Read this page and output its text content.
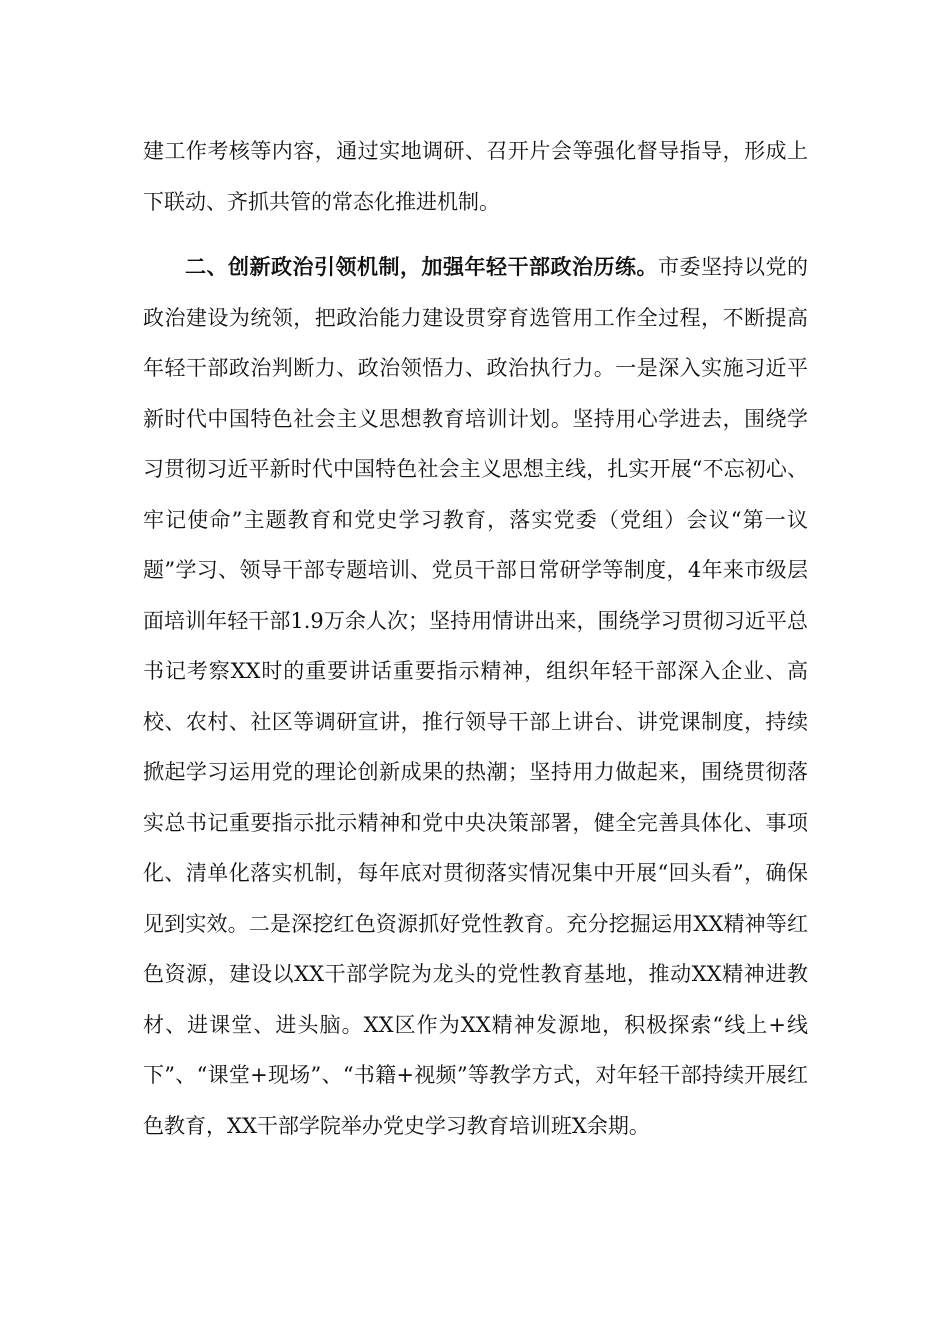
建工作考核等内容，通过实地调研、召开片会等强化督导指导，形成上下联动、齐抓共管的常态化推进机制。

二、创新政治引领机制，加强年轻干部政治历练。市委坚持以党的政治建设为统领，把政治能力建设贯穿育选管用工作全过程，不断提高年轻干部政治判断力、政治领悟力、政治执行力。一是深入实施习近平新时代中国特色社会主义思想教育培训计划。坚持用心学进去，围绕学习贯彻习近平新时代中国特色社会主义思想主线，扎实开展“不忘初心、牢记使命”主题教育和党史学习教育，落实党委（党组）会议“第一议题”学习、领导干部专题培训、党员干部日常研学等制度，4年来市级层面培训年轻干部1.9万余人次；坚持用情讲出来，围绕学习贯彻习近平总书记考察XX时的重要讲话重要指示精神，组织年轻干部深入企业、高校、农村、社区等调研宣讲，推行领导干部上讲台、讲党课制度，持续掀起学习运用党的理论创新成果的热潮；坚持用力做起来，围绕贯彻落实总书记重要指示批示精神和党中央决策部署，健全完善具体化、事项化、清单化落实机制，每年底对贯彻落实情况集中开展“回头看”，确保见到实效。二是深挖红色资源抓好党性教育。充分挖掘运用XX精神等红色资源，建设以XX干部学院为龙头的党性教育基地，推动XX精神进教材、进课堂、进头脑。XX区作为XX精神发源地，积极探索“线上+线下”、“课堂+现场”、“书籍+视频”等教学方式，对年轻干部持续开展红色教育，XX干部学院举办党史学习教育培训班X余期。
